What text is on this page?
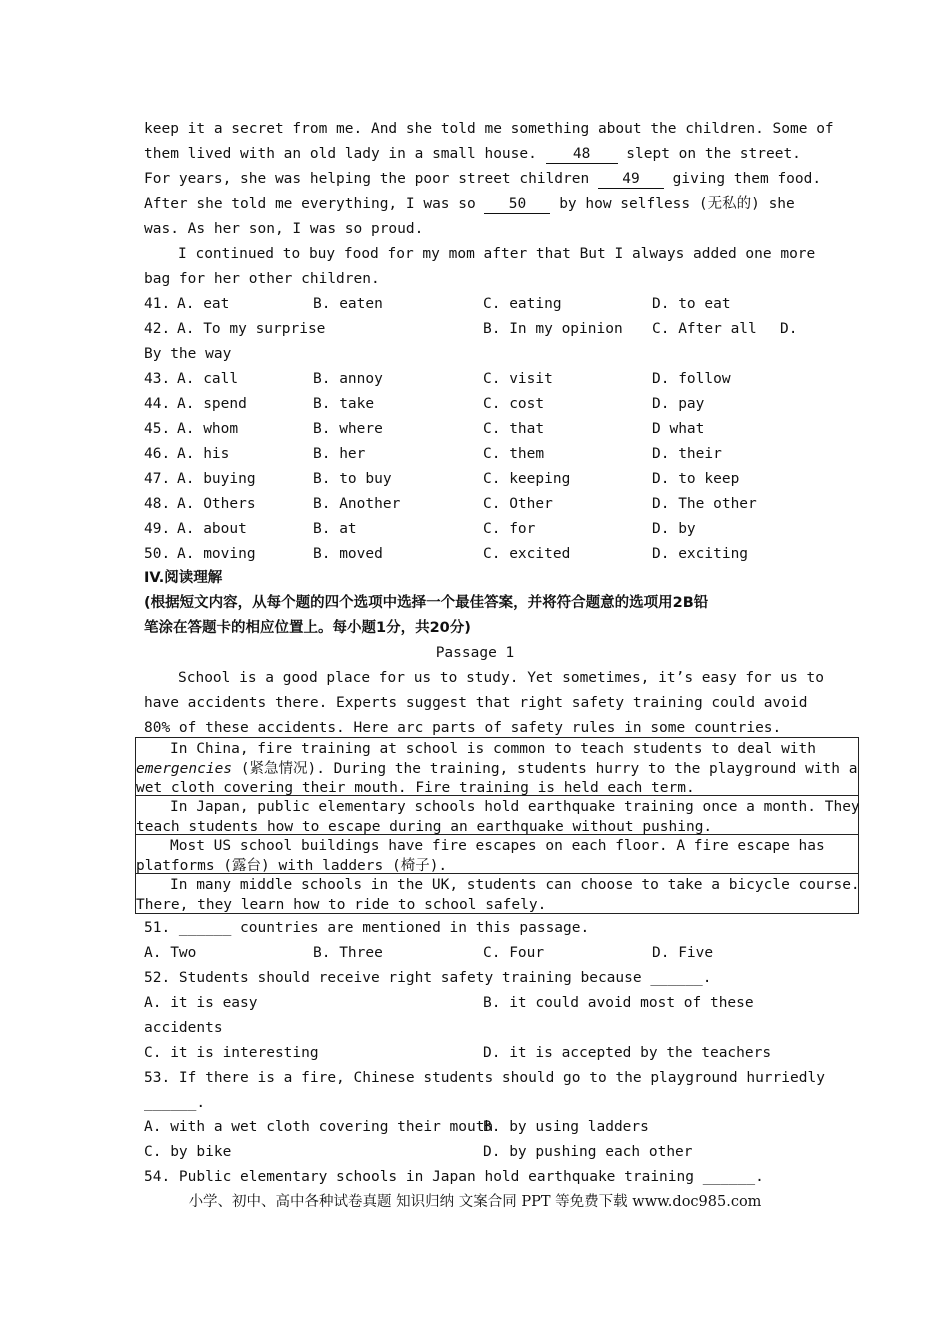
keep it a secret from me. And she told me something about the children. Some of
them lived with an old lady in a small house. 48 slept on the street.
For years, she was helping the poor street children 49 giving them food.
After she told me everything, I was so 50 by how selfless (无私的) she
was. As her son, I was so proud.
I continued to buy food for my mom after that But I always added one more
bag for her other children.
41. A. eat	B. eaten	C. eating	D. to eat
42. A. To my surprise	B. In my opinion C. After all D.
By the way
43. A. call	B. annoy	C. visit	D. follow
44. A. spend	B. take	C. cost	D. pay
45. A. whom	B. where	C. that	D what
46. A. his	B. her	C. them	D. their
47. A. buying	B. to buy	C. keeping	D. to keep
48. A. Others	B. Another	C. Other	D. The other
49. A. about	B. at	C. for	D. by
50. A. moving	B. moved	C. excited	D. exciting
IV.阅读理解
(根据短文内容，从每个题的四个选项中选择一个最佳答案，并将符合题意的选项用2B铅
笔涂在答题卡的相应位置上。每小题1分，共20分)
Passage 1
School is a good place for us to study. Yet sometimes, it’s easy for us to
have accidents there. Experts suggest that right safety training could avoid
80% of these accidents. Here arc parts of safety rules in some countries.
In China, fire training at school is common to teach students to deal with
emergencies (紧急情况). During the training, students hurry to the playground with a
wet cloth covering their mouth. Fire training is held each term.
In Japan, public elementary schools hold earthquake training once a month. They
teach students how to escape during an earthquake without pushing.
Most US school buildings have fire escapes on each floor. A fire escape has
platforms (露台) with ladders (椅子).
In many middle schools in the UK, students can choose to take a bicycle course.
There, they learn how to ride to school safely.
51. ______ countries are mentioned in this passage.
A. Two	B. Three	C. Four	D. Five
52. Students should receive right safety training because ______.
A. it is easy	B. it could avoid most of these
accidents
C. it is interesting	D. it is accepted by the teachers
53. If there is a fire, Chinese students should go to the playground hurriedly
______.
A. with a wet cloth covering their mouth
B. by using ladders
C. by bike	D. by pushing each other
54. Public elementary schools in Japan hold earthquake training ______.
小学、初中、高中各种试卷真题 知识归纳 文案合同 PPT 等免费下载 www.doc985.com
